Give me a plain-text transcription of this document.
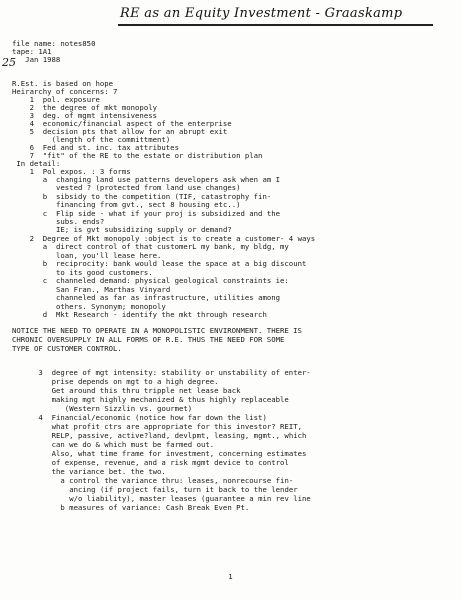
RE as an Equity Investment - Graaskamp
25
file name: notes850
tape: 1A1
Jan 1988
R.Est. is based on hope
Heirarchy of concerns: 7
1  pol. exposure
2  the degree of mkt monopoly
3  deg. of mgmt intensiveness
4  economic/financial aspect of the enterprise
5  decision pts that allow for an abrupt exit
(length of the committment)
6  Fed and st. inc. tax attributes
7  "fit" of the RE to the estate or distribution plan
In detail:
1  Pol expos. : 3 forms
a  changing land use patterns developers ask when am I
vested ? (protected from land use changes)
b  sibsidy to the competition (TIF, catastrophy fin-
financing from gvt., sect 8 housing etc..)
c  Flip side - what if your proj is subsidized and the
subs. ends?
IE; is gvt subsidizing supply or demand?
2  Degree of Mkt monopoly :object is to create a customer- 4 ways
a  direct control of that customerL my bank, my bldg, my
loan, you'll lease here.
b  reciprocity: bank would lease the space at a big discount
to its good customers.
c  channeled demand: physical geological constraints ie:
San Fran., Marthas Vinyard
channeled as far as infrastructure, utilities among
others. Synonym; monopoly
d  Mkt Research - identify the mkt through research
NOTICE THE NEED TO OPERATE IN A MONOPOLISTIC ENVIRONMENT. THERE IS
CHRONIC OVERSUPPLY IN ALL FORMS OF R.E. THUS THE NEED FOR SOME
TYPE OF CUSTOMER CONTROL.
3  degree of mgt intensity: stability or unstability of enter-
prise depends on mgt to a high degree.
Get around this thru tripple net lease back
making mgt highly mechanized & thus highly replaceable
(Western Sizzlin vs. gourmet)
4  Financial/economic (notice how far down the list)
what profit ctrs are appropriate for this investor? REIT,
RELP, passive, active?land, devlpmt, leasing, mgmt., which
can we do & which must be farmed out.
Also, what time frame for investment, concerning estimates
of expense, revenue, and a risk mgmt device to control
the variance bet. the two.
a control the variance thru: leases, nonrecourse fin-
ancing (if project fails, turn it back to the lender
w/o liability), master leases (guarantee a min rev line
b measures of variance: Cash Break Even Pt.
1
